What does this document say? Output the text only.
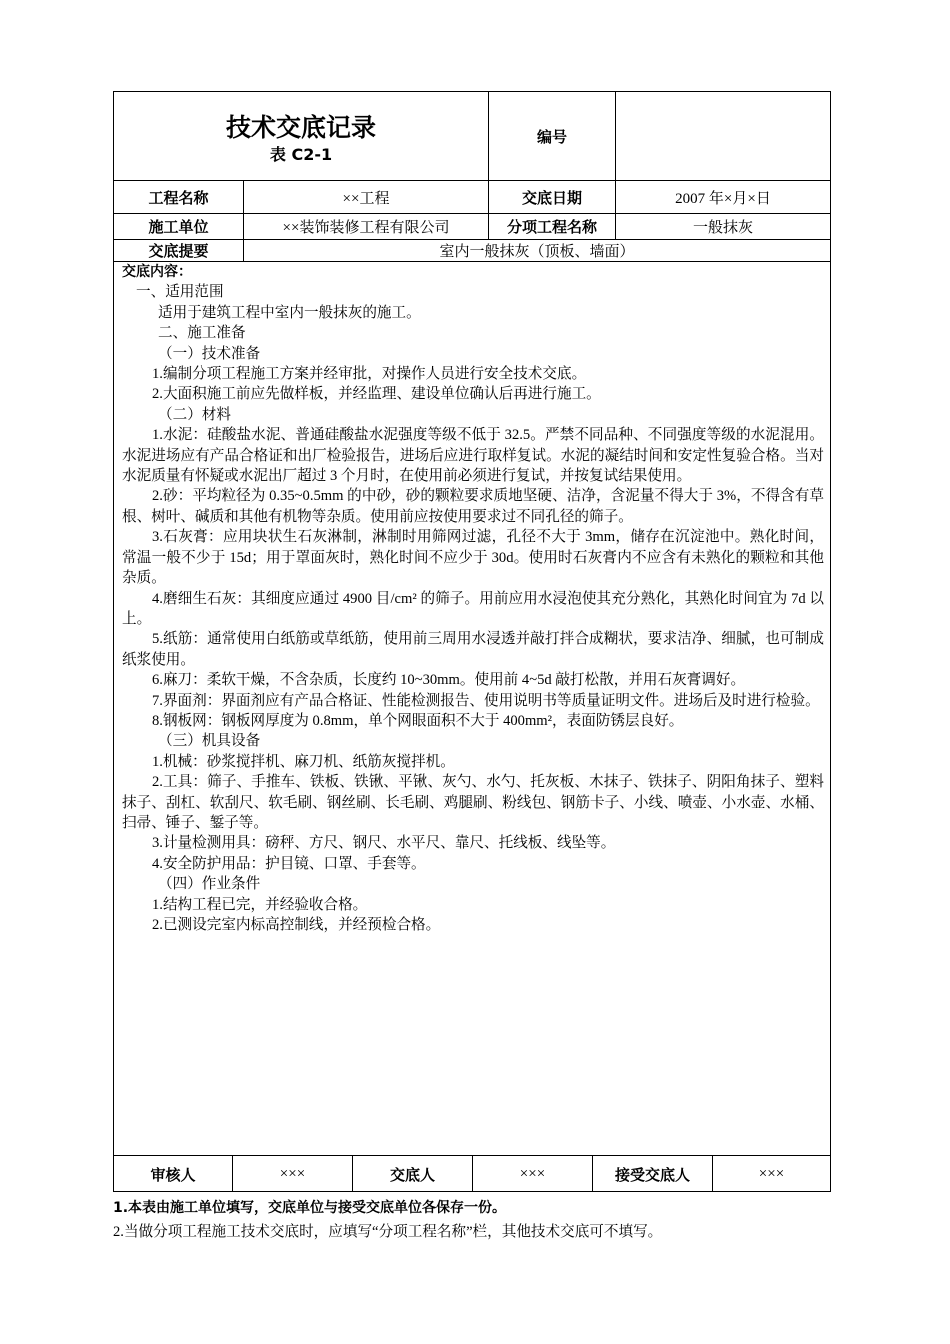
技术交底记录
表 C2-1
编号
工程名称	××工程	交底日期	2007 年×月×日
施工单位	××装饰装修工程有限公司	分项工程名称	一般抹灰
交底提要	室内一般抹灰（顶板、墙面）

交底内容：

一、适用范围

适用于建筑工程中室内一般抹灰的施工。

二、施工准备

（一）技术准备

1.编制分项工程施工方案并经审批，对操作人员进行安全技术交底。

2.大面积施工前应先做样板，并经监理、建设单位确认后再进行施工。

（二）材料

1.水泥：硅酸盐水泥、普通硅酸盐水泥强度等级不低于 32.5。严禁不同品种、不同强度等级的水泥混用。水泥进场应有产品合格证和出厂检验报告，进场后应进行取样复试。水泥的凝结时间和安定性复验合格。当对水泥质量有怀疑或水泥出厂超过 3 个月时，在使用前必须进行复试，并按复试结果使用。

2.砂：平均粒径为 0.35~0.5mm 的中砂，砂的颗粒要求质地坚硬、洁净，含泥量不得大于 3%，不得含有草根、树叶、碱质和其他有机物等杂质。使用前应按使用要求过不同孔径的筛子。

3.石灰膏：应用块状生石灰淋制，淋制时用筛网过滤，孔径不大于 3mm，储存在沉淀池中。熟化时间，常温一般不少于 15d；用于罩面灰时，熟化时间不应少于 30d。使用时石灰膏内不应含有未熟化的颗粒和其他杂质。

4.磨细生石灰：其细度应通过 4900 目/cm² 的筛子。用前应用水浸泡使其充分熟化，其熟化时间宜为 7d 以上。

5.纸筋：通常使用白纸筋或草纸筋，使用前三周用水浸透并敲打拌合成糊状，要求洁净、细腻，也可制成纸浆使用。

6.麻刀：柔软干燥，不含杂质，长度约 10~30mm。使用前 4~5d 敲打松散，并用石灰膏调好。

7.界面剂：界面剂应有产品合格证、性能检测报告、使用说明书等质量证明文件。进场后及时进行检验。

8.钢板网：钢板网厚度为 0.8mm，单个网眼面积不大于 400mm²，表面防锈层良好。

（三）机具设备

1.机械：砂浆搅拌机、麻刀机、纸筋灰搅拌机。

2.工具：筛子、手推车、铁板、铁锹、平锹、灰勺、水勺、托灰板、木抹子、铁抹子、阴阳角抹子、塑料抹子、刮杠、软刮尺、软毛刷、钢丝刷、长毛刷、鸡腿刷、粉线包、钢筋卡子、小线、喷壶、小水壶、水桶、扫帚、锤子、錾子等。

3.计量检测用具：磅秤、方尺、钢尺、水平尺、靠尺、托线板、线坠等。

4.安全防护用品：护目镜、口罩、手套等。

（四）作业条件

1.结构工程已完，并经验收合格。

2.已测设完室内标高控制线，并经预检合格。

审核人	×××	交底人	×××	接受交底人	×××

1.本表由施工单位填写，交底单位与接受交底单位各保存一份。

2.当做分项工程施工技术交底时，应填写“分项工程名称”栏，其他技术交底可不填写。
